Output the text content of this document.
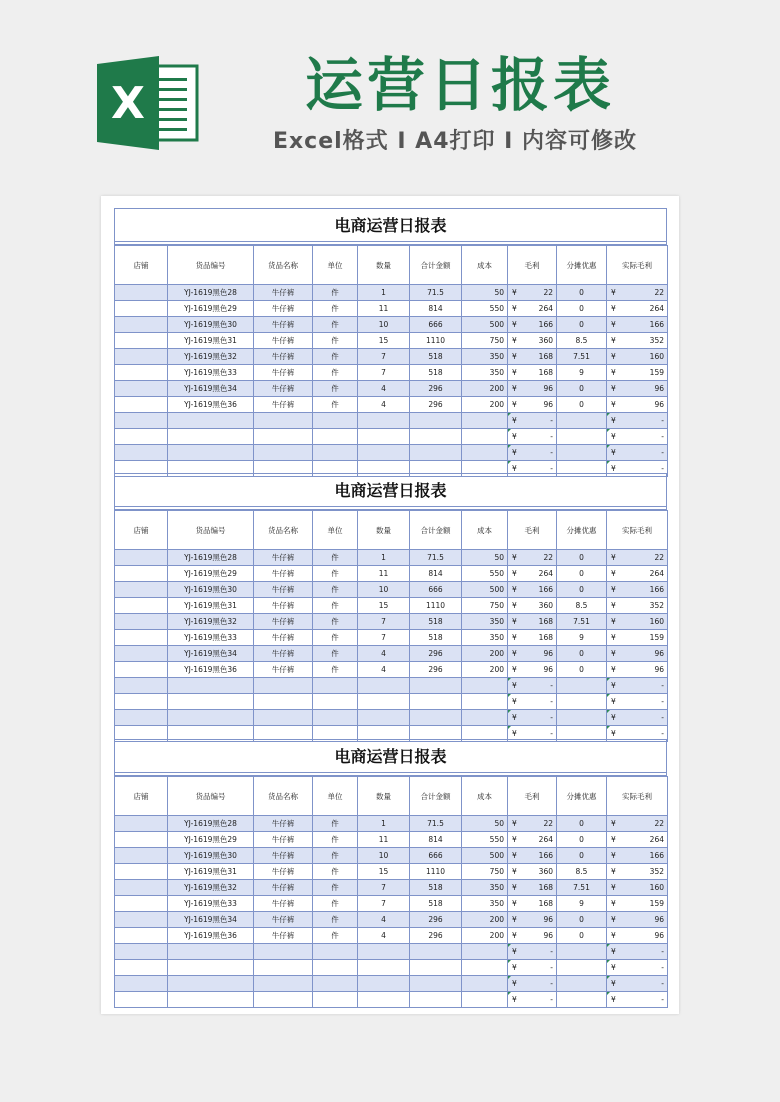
X	运营日报表
Excel格式 I A4打印 I 内容可修改
电商运营日报表
店铺	货品编号	货品名称	单位	数量	合计金额	成本	毛利	分摊优惠	实际毛利
	YJ-1619黑色28	牛仔裤	件	1	71.5	50	¥ 22	0	¥ 22
	YJ-1619黑色29	牛仔裤	件	11	814	550	¥ 264	0	¥ 264
	YJ-1619黑色30	牛仔裤	件	10	666	500	¥ 166	0	¥ 166
	YJ-1619黑色31	牛仔裤	件	15	1110	750	¥ 360	8.5	¥ 352
	YJ-1619黑色32	牛仔裤	件	7	518	350	¥ 168	7.51	¥ 160
	YJ-1619黑色33	牛仔裤	件	7	518	350	¥ 168	9	¥ 159
	YJ-1619黑色34	牛仔裤	件	4	296	200	¥ 96	0	¥ 96
	YJ-1619黑色36	牛仔裤	件	4	296	200	¥ 96	0	¥ 96

							¥ -		¥ -

							¥ -		¥ -

							¥ -		¥ -

							¥ -		¥ -
电商运营日报表
店铺	货品编号	货品名称	单位	数量	合计金额	成本	毛利	分摊优惠	实际毛利
	YJ-1619黑色28	牛仔裤	件	1	71.5	50	¥ 22	0	¥ 22
	YJ-1619黑色29	牛仔裤	件	11	814	550	¥ 264	0	¥ 264
	YJ-1619黑色30	牛仔裤	件	10	666	500	¥ 166	0	¥ 166
	YJ-1619黑色31	牛仔裤	件	15	1110	750	¥ 360	8.5	¥ 352
	YJ-1619黑色32	牛仔裤	件	7	518	350	¥ 168	7.51	¥ 160
	YJ-1619黑色33	牛仔裤	件	7	518	350	¥ 168	9	¥ 159
	YJ-1619黑色34	牛仔裤	件	4	296	200	¥ 96	0	¥ 96
	YJ-1619黑色36	牛仔裤	件	4	296	200	¥ 96	0	¥ 96

							¥ -		¥ -

							¥ -		¥ -

							¥ -		¥ -

							¥ -		¥ -
电商运营日报表
店铺	货品编号	货品名称	单位	数量	合计金额	成本	毛利	分摊优惠	实际毛利
	YJ-1619黑色28	牛仔裤	件	1	71.5	50	¥ 22	0	¥ 22
	YJ-1619黑色29	牛仔裤	件	11	814	550	¥ 264	0	¥ 264
	YJ-1619黑色30	牛仔裤	件	10	666	500	¥ 166	0	¥ 166
	YJ-1619黑色31	牛仔裤	件	15	1110	750	¥ 360	8.5	¥ 352
	YJ-1619黑色32	牛仔裤	件	7	518	350	¥ 168	7.51	¥ 160
	YJ-1619黑色33	牛仔裤	件	7	518	350	¥ 168	9	¥ 159
	YJ-1619黑色34	牛仔裤	件	4	296	200	¥ 96	0	¥ 96
	YJ-1619黑色36	牛仔裤	件	4	296	200	¥ 96	0	¥ 96

							¥ -		¥ -

							¥ -		¥ -

							¥ -		¥ -

							¥ -		¥ -
